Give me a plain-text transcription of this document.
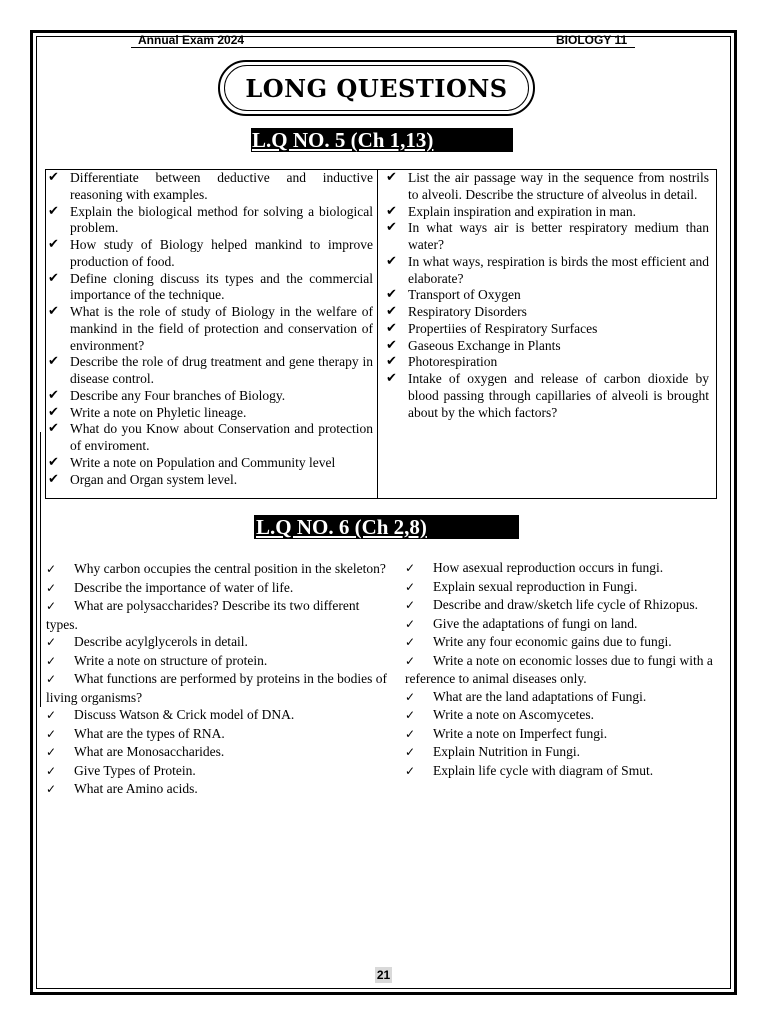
Annual Exam 2024	BIOLOGY 11
LONG QUESTIONS
L.Q NO. 5 (Ch 1,13)
✔ Differentiate between deductive and inductive reasoning with examples.
✔ Explain the biological method for solving a biological problem.
✔ How study of Biology helped mankind to improve production of food.
✔ Define cloning discuss its types and the commercial importance of the technique.
✔ What is the role of study of Biology in the welfare of mankind in the field of protection and conservation of environment?
✔ Describe the role of drug treatment and gene therapy in disease control.
✔ Describe any Four branches of Biology.
✔ Write a note on Phyletic lineage.
✔ What do you Know about Conservation and protection of enviroment.
✔ Write a note on Population and Community level
✔ Organ and Organ system level.
✔ List the air passage way in the sequence from nostrils to alveoli. Describe the structure of alveolus in detail.
✔ Explain inspiration and expiration in man.
✔ In what ways air is better respiratory medium than water?
✔ In what ways, respiration is birds the most efficient and elaborate?
✔ Transport of Oxygen
✔ Respiratory Disorders
✔ Propertiies of Respiratory Surfaces
✔ Gaseous Exchange in Plants
✔ Photorespiration
✔ Intake of oxygen and release of carbon dioxide by blood passing through capillaries of alveoli is brought about by the which factors?
L.Q NO. 6 (Ch 2,8)
✓ Why carbon occupies the central position in the skeleton?
✓ Describe the importance of water of life.
✓ What are polysaccharides? Describe its two different types.
✓ Describe acylglycerols in detail.
✓ Write a note on structure of protein.
✓ What functions are performed by proteins in the bodies of living organisms?
✓ Discuss Watson & Crick model of DNA.
✓ What are the types of RNA.
✓ What are Monosaccharides.
✓ Give Types of Protein.
✓ What are Amino acids.
✓ How asexual reproduction occurs in fungi.
✓ Explain sexual reproduction in Fungi.
✓ Describe and draw/sketch life cycle of Rhizopus.
✓ Give the adaptations of fungi on land.
✓ Write any four economic gains due to fungi.
✓ Write a note on economic losses due to fungi with a reference to animal diseases only.
✓ What are the land adaptations of Fungi.
✓ Write a note on Ascomycetes.
✓ Write a note on Imperfect fungi.
✓ Explain Nutrition in Fungi.
✓ Explain life cycle with diagram of Smut.
21
